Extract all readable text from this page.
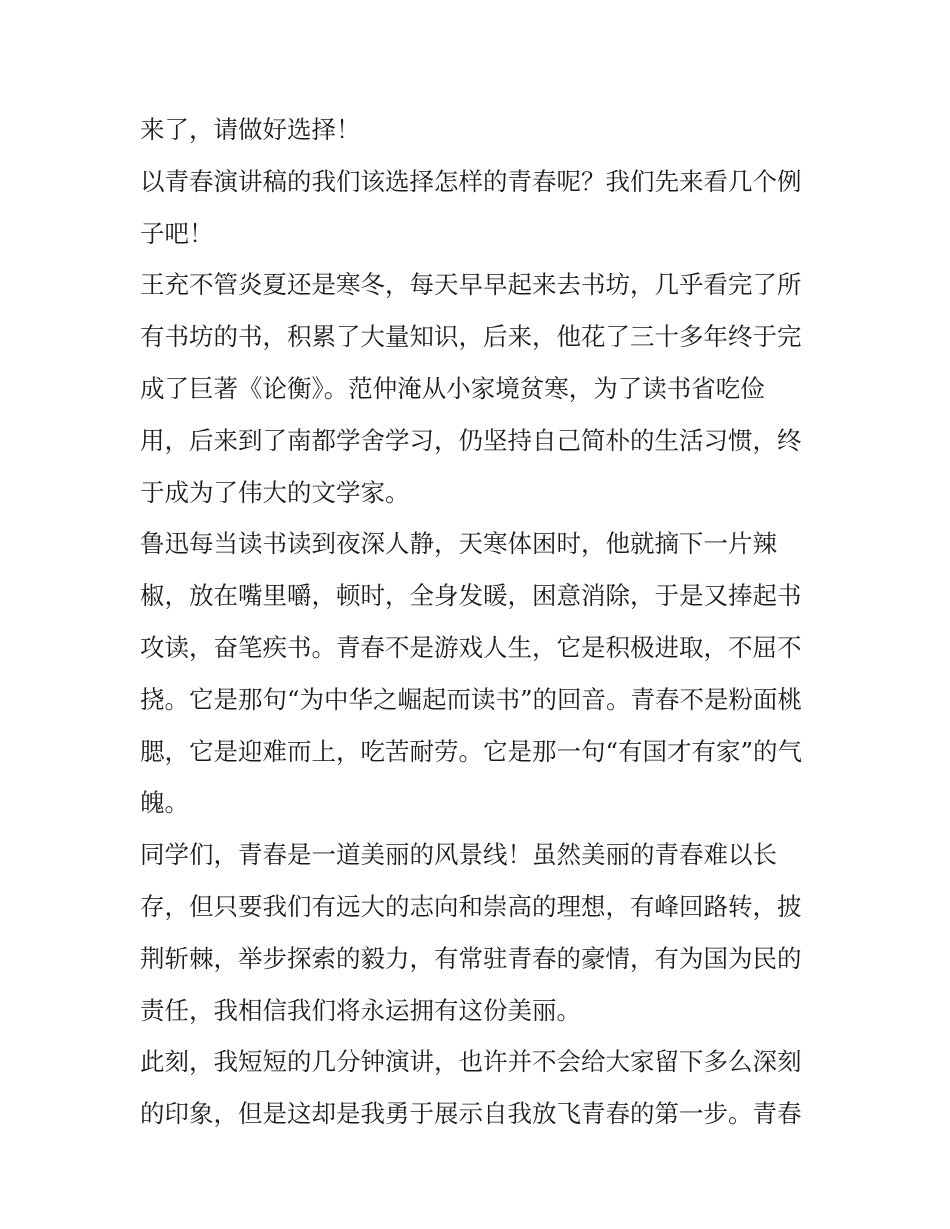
来了，请做好选择！
以青春演讲稿的我们该选择怎样的青春呢？我们先来看几个例
子吧！
王充不管炎夏还是寒冬，每天早早起来去书坊，几乎看完了所
有书坊的书，积累了大量知识，后来，他花了三十多年终于完
成了巨著《论衡》。范仲淹从小家境贫寒，为了读书省吃俭
用，后来到了南都学舍学习，仍坚持自己简朴的生活习惯，终
于成为了伟大的文学家。
鲁迅每当读书读到夜深人静，天寒体困时，他就摘下一片辣
椒，放在嘴里嚼，顿时，全身发暖，困意消除，于是又捧起书
攻读，奋笔疾书。青春不是游戏人生，它是积极进取，不屈不
挠。它是那句“为中华之崛起而读书”的回音。青春不是粉面桃
腮，它是迎难而上，吃苦耐劳。它是那一句“有国才有家”的气
魄。
同学们，青春是一道美丽的风景线！虽然美丽的青春难以长
存，但只要我们有远大的志向和崇高的理想，有峰回路转，披
荆斩棘，举步探索的毅力，有常驻青春的豪情，有为国为民的
责任，我相信我们将永运拥有这份美丽。
此刻，我短短的几分钟演讲，也许并不会给大家留下多么深刻
的印象，但是这却是我勇于展示自我放飞青春的第一步。青春
